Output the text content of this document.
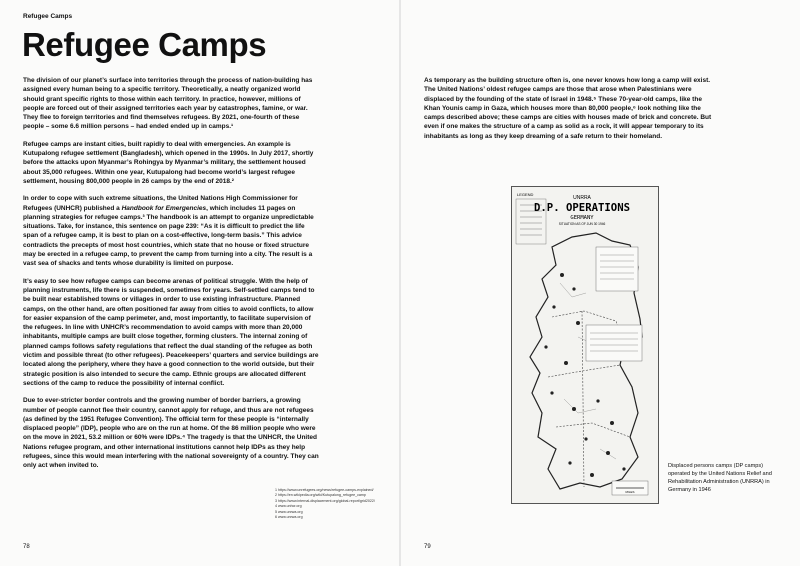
Refugee Camps
Refugee Camps

The division of our planet’s surface into territories through the process of nation-building has assigned every human being to a specific territory. Theoretically, a neatly organized world should grant specific rights to those within each territory. In practice, however, millions of people are forced out of their assigned territories each year by catastrophes, famine, or war. They flee to foreign territories and find themselves refugees. By 2021, one-fourth of these people – some 6.6 million persons – had ended ended up in camps.¹

Refugee camps are instant cities, built rapidly to deal with emergencies. An example is Kutupalong refugee settlement (Bangladesh), which opened in the 1990s. In July 2017, shortly before the attacks upon Myanmar’s Rohingya by Myanmar’s military, the settlement housed about 35,000 refugees. Within one year, Kutupalong had become world’s largest refugee settlement, housing 800,000 people in 26 camps by the end of 2018.²

In order to cope with such extreme situations, the United Nations High Commissioner for Refugees (UNHCR) published a Handbook for Emergencies, which includes 11 pages on planning strategies for refugee camps.³ The handbook is an attempt to organize unpredictable situations. Take, for instance, this sentence on page 239: “As it is difficult to predict the life span of a refugee camp, it is best to plan on a cost-effective, long-term basis.” This advice contradicts the precepts of most host countries, which state that no house or fixed structure may be erected in a refugee camp, to prevent the camp from turning into a city. The result is a vast sea of shacks and tents whose durability is limited on purpose.

It’s easy to see how refugee camps can become arenas of political struggle. With the help of planning instruments, life there is suspended, sometimes for years. Self-settled camps tend to be built near established towns or villages in order to use existing infrastructure. Planned camps, on the other hand, are often positioned far away from cities to avoid conflicts, to allow for easier expansion of the camp perimeter, and, most importantly, to facilitate supervision of the refugees. In line with UNHCR’s recommendation to avoid camps with more than 20,000 inhabitants, multiple camps are built close together, forming clusters. The internal zoning of planned camps follows safety regulations that reflect the dual standing of the refugee as both victim and possible threat (to other refugees). Peacekeepers’ quarters and service buildings are located along the periphery, where they have a good connection to the world outside, but their strategic position is also intended to secure the camp. Ethnic groups are allocated different sections of the camp to reduce the possibility of internal conflict.

Due to ever-stricter border controls and the growing number of border barriers, a growing number of people cannot flee their country, cannot apply for refuge, and thus are not refugees (as defined by the 1951 Refugee Convention). The official term for these people is “internally displaced people” (IDP), people who are on the run at home. Of the 86 million people who were on the move in 2021, 53.2 million or 60% were IDPs.⁴ The tragedy is that the UNHCR, the United Nations refugee program, and other international institutions cannot help IDPs as they help refugees, since this would mean interfering with the national sovereignty of a country. They can only act when invited to.

78
1 https://www.unrefugees.org/news/refugee-camps-explained/
2 https://en.wikipedia.org/wiki/Kutupalong_refugee_camp
3 https://www.internal-displacement.org/global-report/grid2022/
4 www.unhcr.org
5 www.unrwa.org
6 www.unrwa.org

As temporary as the building structure often is, one never knows how long a camp will exist. The United Nations’ oldest refugee camps are those that arose when Palestinians were displaced by the founding of the state of Israel in 1948.⁵ These 70-year-old camps, like the Khan Younis camp in Gaza, which houses more than 80,000 people,⁶ look nothing like the camps described above; these camps are cities with houses made of brick and concrete. But even if one makes the structure of a camp as solid as a rock, it will appear temporary to its inhabitants as long as they keep dreaming of a safe return to their homeland.

79
Displaced persons camps (DP camps) operated by the United Nations Relief and Rehabilitation Administration (UNRRA) in Germany in 1946
LEGEND
UNRRA
D.P. OPERATIONS
GERMANY
SITUATION AS OF JUN 30 1946
MILES
